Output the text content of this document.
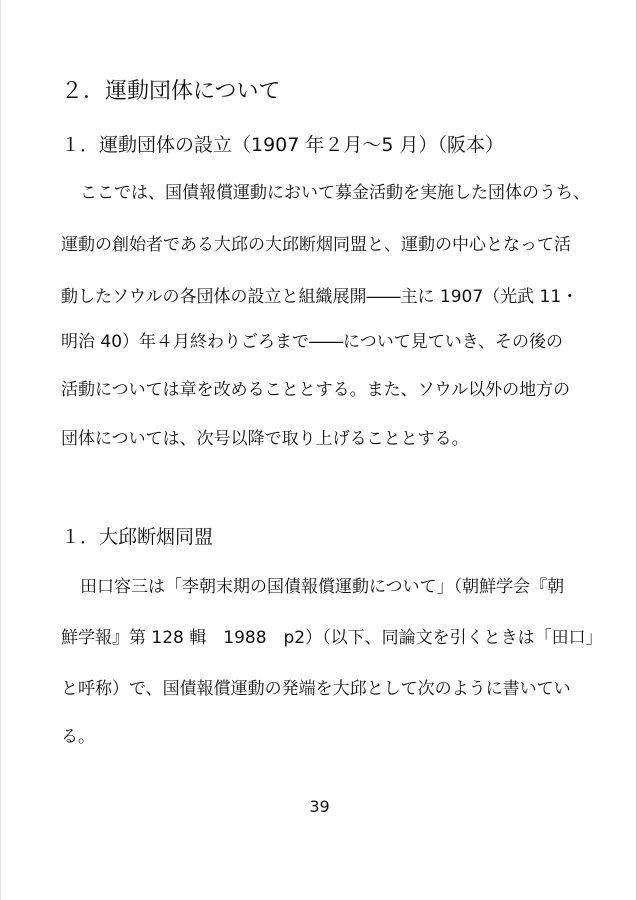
２．運動団体について
１．運動団体の設立（1907 年２月～5 月）（阪本）
ここでは、国債報償運動において募金活動を実施した団体のうち、
運動の創始者である大邱の大邱断烟同盟と、運動の中心となって活
動したソウルの各団体の設立と組織展開――主に 1907（光武 11・
明治 40）年４月終わりごろまで――について見ていき、その後の
活動については章を改めることとする。また、ソウル以外の地方の
団体については、次号以降で取り上げることとする。
１．大邱断烟同盟
田口容三は「李朝末期の国債報償運動について」（朝鮮学会『朝
鮮学報』第 128 輯　1988　p2）（以下、同論文を引くときは「田口」
と呼称）で、国債報償運動の発端を大邱として次のように書いてい
る。
39
